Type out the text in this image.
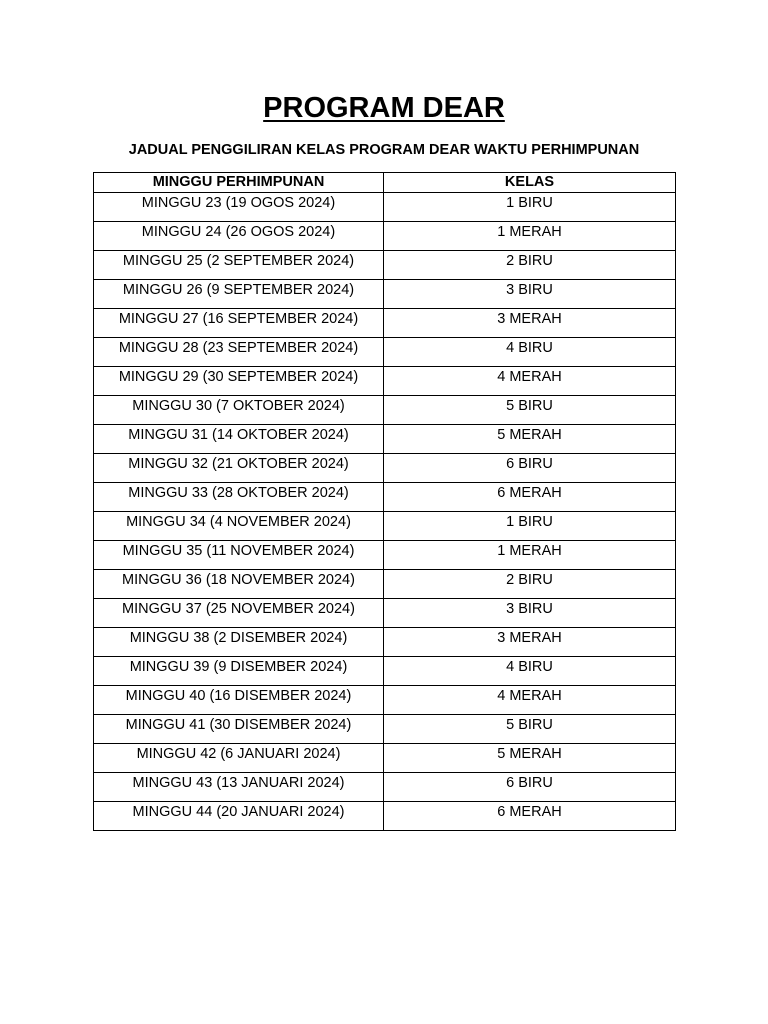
PROGRAM DEAR
JADUAL PENGGILIRAN KELAS PROGRAM DEAR WAKTU PERHIMPUNAN
MINGGU PERHIMPUNAN	KELAS
MINGGU 23 (19 OGOS 2024)	1 BIRU
MINGGU 24 (26 OGOS 2024)	1 MERAH
MINGGU 25 (2 SEPTEMBER 2024)	2 BIRU
MINGGU 26 (9 SEPTEMBER 2024)	3 BIRU
MINGGU 27 (16 SEPTEMBER 2024)	3 MERAH
MINGGU 28 (23 SEPTEMBER 2024)	4 BIRU
MINGGU 29 (30 SEPTEMBER 2024)	4 MERAH
MINGGU 30 (7 OKTOBER 2024)	5 BIRU
MINGGU 31 (14 OKTOBER 2024)	5 MERAH
MINGGU 32 (21 OKTOBER 2024)	6 BIRU
MINGGU 33 (28 OKTOBER 2024)	6 MERAH
MINGGU 34 (4 NOVEMBER 2024)	1 BIRU
MINGGU 35 (11 NOVEMBER 2024)	1 MERAH
MINGGU 36 (18 NOVEMBER 2024)	2 BIRU
MINGGU 37 (25 NOVEMBER 2024)	3 BIRU
MINGGU 38 (2 DISEMBER 2024)	3 MERAH
MINGGU 39 (9 DISEMBER 2024)	4 BIRU
MINGGU 40 (16 DISEMBER 2024)	4 MERAH
MINGGU 41 (30 DISEMBER 2024)	5 BIRU
MINGGU 42 (6 JANUARI 2024)	5 MERAH
MINGGU 43 (13 JANUARI 2024)	6 BIRU
MINGGU 44 (20 JANUARI 2024)	6 MERAH
